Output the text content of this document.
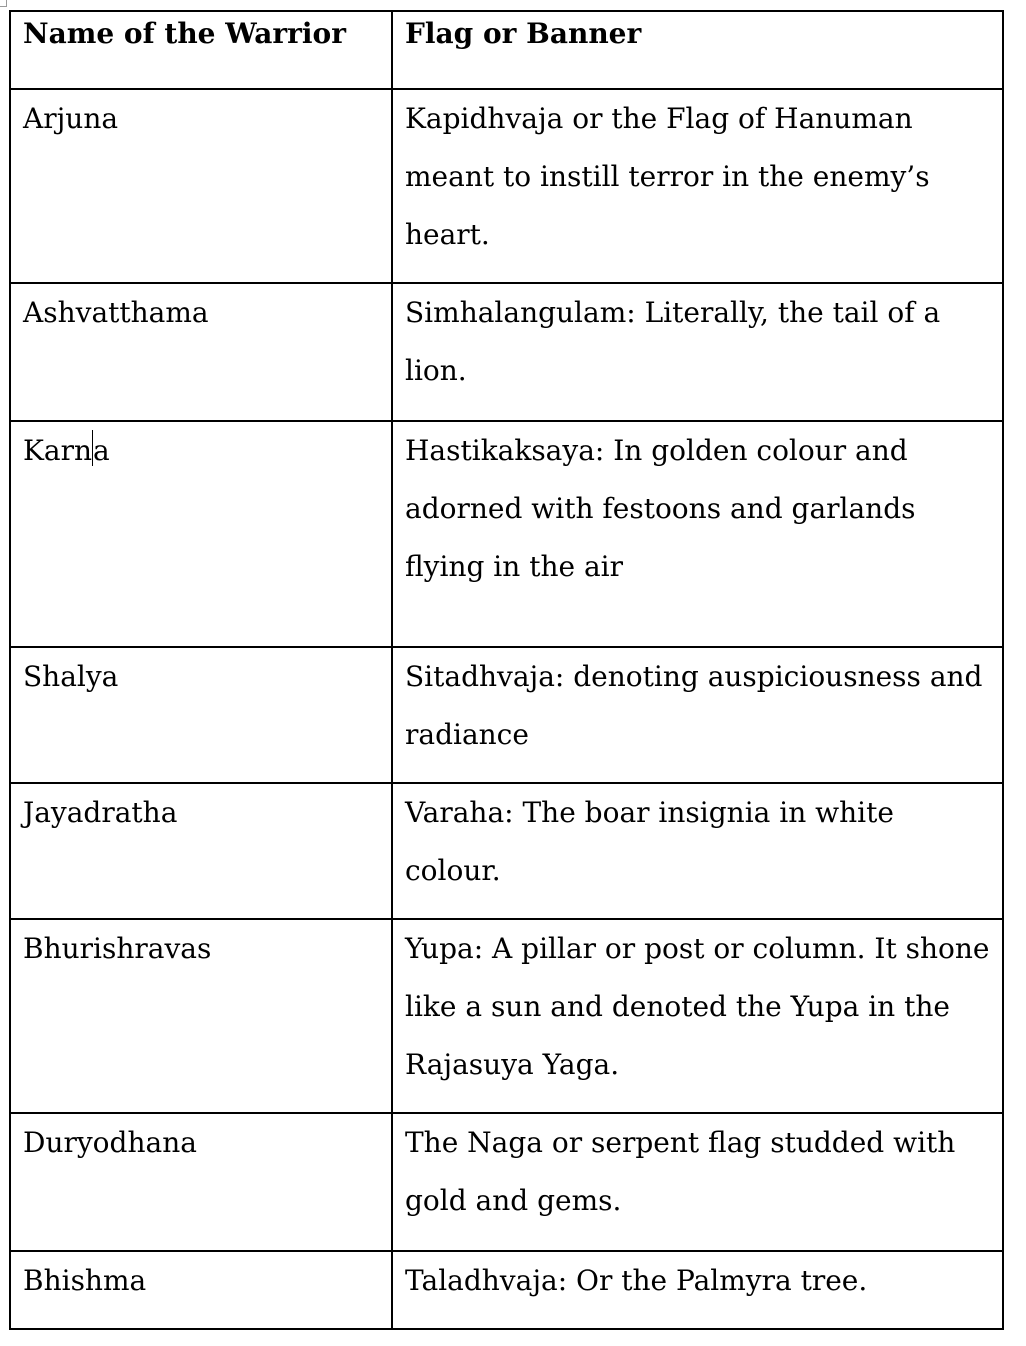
Name of the Warrior	Flag or Banner

Arjuna	Kapidhvaja or the Flag of Hanuman meant to instill terror in the enemy’s heart.

Ashvatthama	Simhalangulam: Literally, the tail of a lion.

Karna	Hastikaksaya: In golden colour and adorned with festoons and garlands flying in the air

Shalya	Sitadhvaja: denoting auspiciousness and radiance

Jayadratha	Varaha: The boar insignia in white colour.

Bhurishravas	Yupa: A pillar or post or column. It shone like a sun and denoted the Yupa in the Rajasuya Yaga.

Duryodhana	The Naga or serpent flag studded with gold and gems.

Bhishma	Taladhvaja: Or the Palmyra tree.
